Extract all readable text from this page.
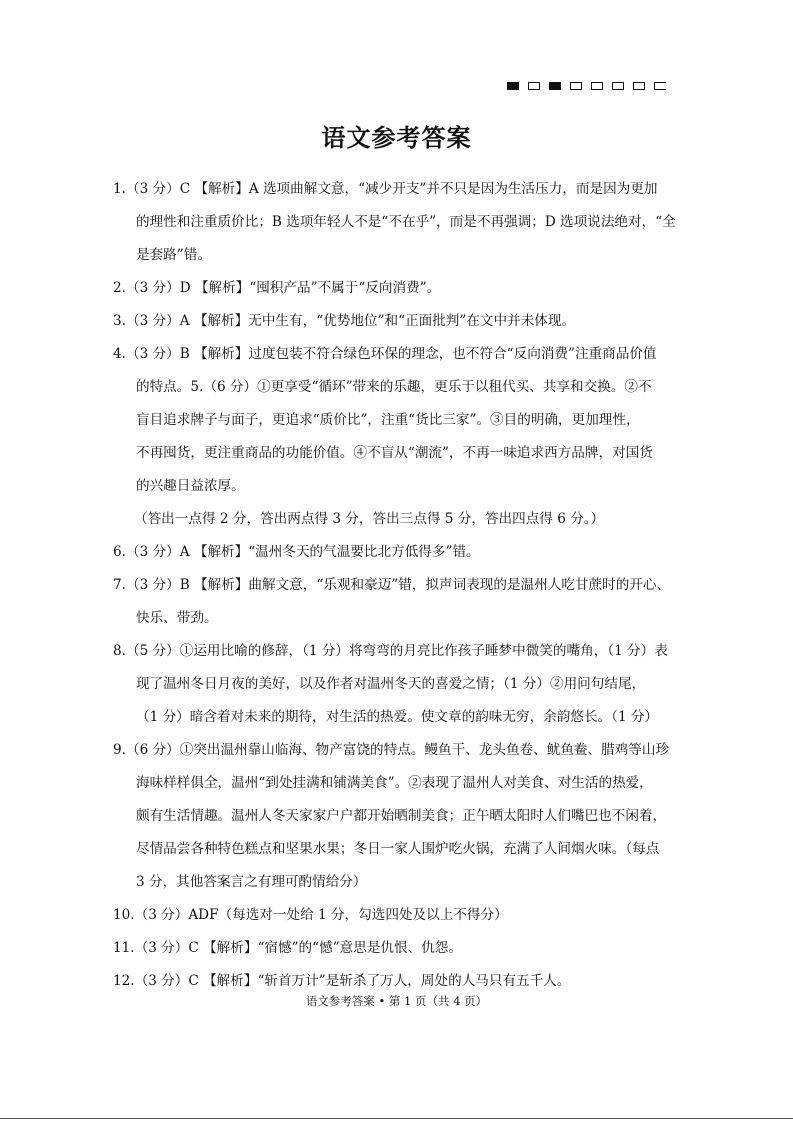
语文参考答案
1.（3 分）C 【解析】A 选项曲解文意，“减少开支”并不只是因为生活压力，而是因为更加
的理性和注重质价比；B 选项年轻人不是“不在乎”，而是不再强调；D 选项说法绝对，“全
是套路”错。
2.（3 分）D 【解析】“囤积产品”不属于“反向消费”。
3.（3 分）A 【解析】无中生有，“优势地位”和“正面批判”在文中并未体现。
4.（3 分）B 【解析】过度包装不符合绿色环保的理念，也不符合“反向消费”注重商品价值
的特点。5.（6 分）①更享受“循环”带来的乐趣，更乐于以租代买、共享和交换。②不
盲目追求牌子与面子，更追求“质价比”，注重“货比三家”。③目的明确，更加理性，
不再囤货，更注重商品的功能价值。④不盲从“潮流”，不再一味追求西方品牌，对国货
的兴趣日益浓厚。
（答出一点得 2 分，答出两点得 3 分，答出三点得 5 分，答出四点得 6 分。）
6.（3 分）A 【解析】“温州冬天的气温要比北方低得多”错。
7.（3 分）B 【解析】曲解文意，“乐观和豪迈”错，拟声词表现的是温州人吃甘蔗时的开心、
快乐、带劲。
8.（5 分）①运用比喻的修辞，（1 分）将弯弯的月亮比作孩子睡梦中微笑的嘴角，（1 分）表
现了温州冬日月夜的美好，以及作者对温州冬天的喜爱之情；（1 分）②用问句结尾，
（1 分）暗含着对未来的期待，对生活的热爱。使文章的韵味无穷，余韵悠长。（1 分）
9.（6 分）①突出温州靠山临海、物产富饶的特点。鳗鱼干、龙头鱼卷、鱿鱼鲞、腊鸡等山珍
海味样样俱全，温州“到处挂满和铺满美食”。②表现了温州人对美食、对生活的热爱，
颇有生活情趣。温州人冬天家家户户都开始晒制美食；正午晒太阳时人们嘴巴也不闲着，
尽情品尝各种特色糕点和坚果水果；冬日一家人围炉吃火锅，充满了人间烟火味。（每点
3 分，其他答案言之有理可酌情给分）
10.（3 分）ADF（每选对一处给 1 分，勾选四处及以上不得分）
11.（3 分）C 【解析】“宿憾”的“憾”意思是仇恨、仇怨。
12.（3 分）C 【解析】“斩首万计”是斩杀了万人，周处的人马只有五千人。
语文参考答案 • 第 1 页（共 4 页）
